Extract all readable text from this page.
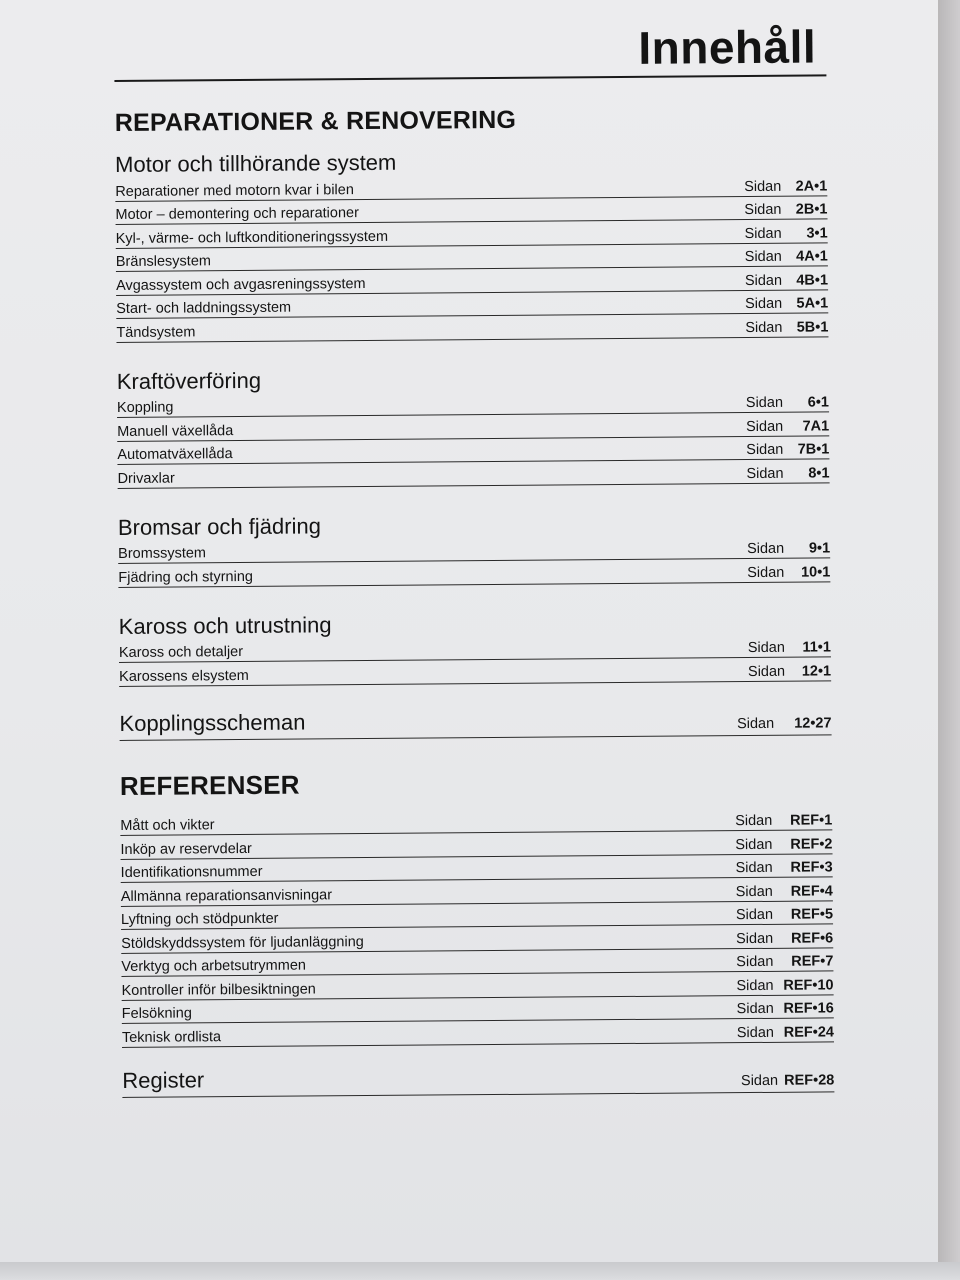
Innehåll
REPARATIONER & RENOVERING
Motor och tillhörande system
Reparationer med motorn kvar i bilen	Sidan 2A•1
Motor – demontering och reparationer	Sidan 2B•1
Kyl-, värme- och luftkonditioneringssystem	Sidan	3•1
Bränslesystem	Sidan 4A•1
Avgassystem och avgasreningssystem	Sidan 4B•1
Start- och laddningssystem	Sidan 5A•1
Tändsystem	Sidan 5B•1
Kraftöverföring
Koppling	Sidan	6•1
Manuell växellåda	Sidan	7A1
Automatväxellåda	Sidan 7B•1
Drivaxlar	Sidan	8•1
Bromsar och fjädring
Bromssystem	Sidan	9•1
Fjädring och styrning	Sidan	10•1
Kaross och utrustning
Kaross och detaljer	Sidan	11•1
Karossens elsystem	Sidan	12•1
Kopplingsscheman	Sidan 12•27
REFERENSER
Mått och vikter	Sidan	REF•1
Inköp av reservdelar	Sidan	REF•2
Identifikationsnummer	Sidan	REF•3
Allmänna reparationsanvisningar	Sidan	REF•4
Lyftning och stödpunkter	Sidan	REF•5
Stöldskyddssystem för ljudanläggning	Sidan	REF•6
Verktyg och arbetsutrymmen	Sidan	REF•7
Kontroller inför bilbesiktningen	Sidan REF•10
Felsökning	Sidan REF•16
Teknisk ordlista	Sidan REF•24
Register	Sidan REF•28
